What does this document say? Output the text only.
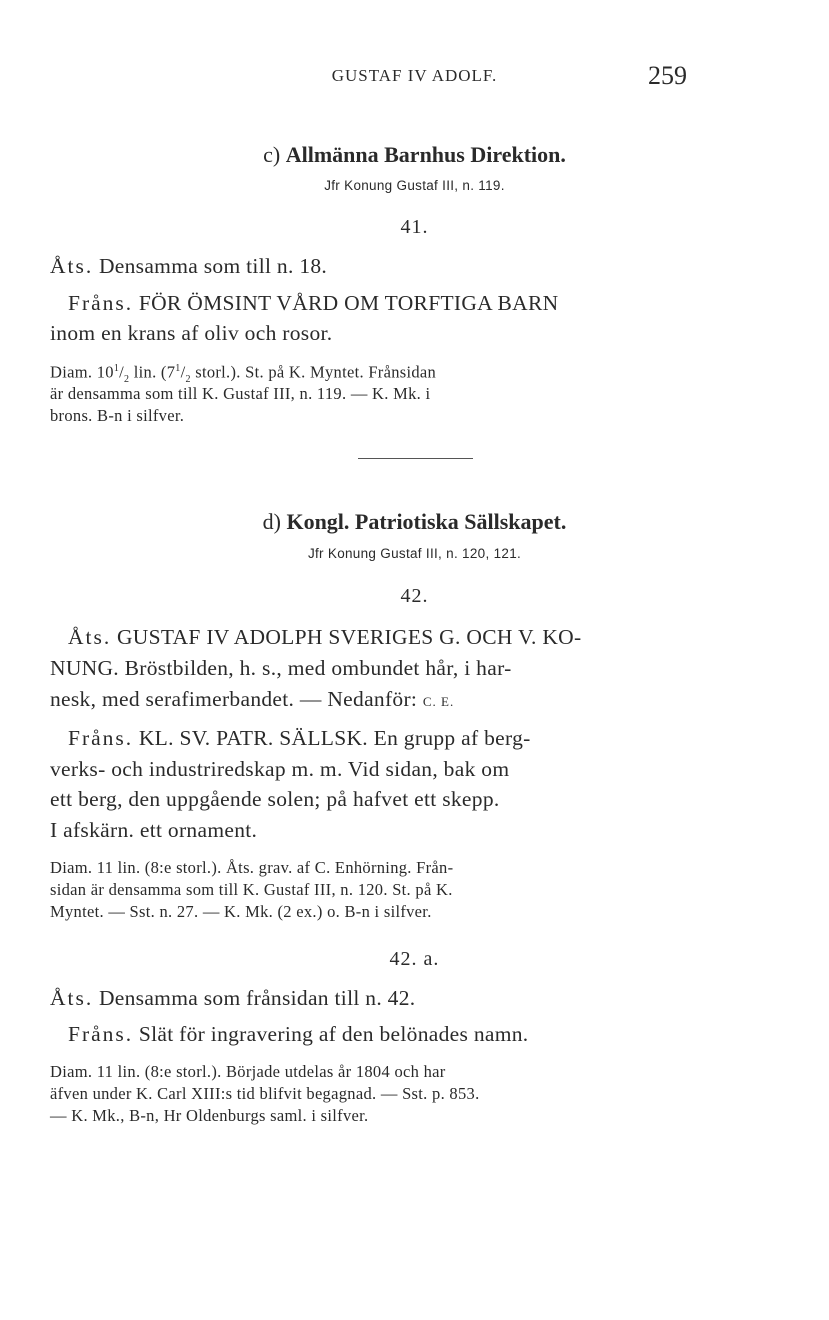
GUSTAF IV ADOLF.	259
c) Allmänna Barnhus Direktion.
Jfr Konung Gustaf III, n. 119.
41.
Åts. Densamma som till n. 18.
Fråns. FÖR ÖMSINT VÅRD OM TORFTIGA BARN
inom en krans af oliv och rosor.
Diam. $10^1/_2$ lin. ($7^1/_2$ storl.). St. på K. Myntet. Frånsidan
är densamma som till K. Gustaf III, n. 119. — K. Mk. i
brons. B-n i silfver.
d) Kongl. Patriotiska Sällskapet.
Jfr Konung Gustaf III, n. 120, 121.
42.
Åts. GUSTAF IV ADOLPH SVERIGES G. OCH V. KO-
NUNG. Bröstbilden, h. s., med ombundet hår, i har-
nesk, med serafimerbandet. — Nedanför: C. E.
Fråns. KL. SV. PATR. SÄLLSK. En grupp af berg-
verks- och industriredskap m. m. Vid sidan, bak om
ett berg, den uppgående solen; på hafvet ett skepp.
I afskärn. ett ornament.
Diam. 11 lin. (8:e storl.). Åts. grav. af C. Enhörning. Från-
sidan är densamma som till K. Gustaf III, n. 120. St. på K.
Myntet. — Sst. n. 27. — K. Mk. (2 ex.) o. B-n i silfver.
42. a.
Åts. Densamma som frånsidan till n. 42.
Fråns. Slät för ingravering af den belönades namn.
Diam. 11 lin. (8:e storl.). Började utdelas år 1804 och har
äfven under K. Carl XIII:s tid blifvit begagnad. — Sst. p. 853.
— K. Mk., B-n, Hr Oldenburgs saml. i silfver.
